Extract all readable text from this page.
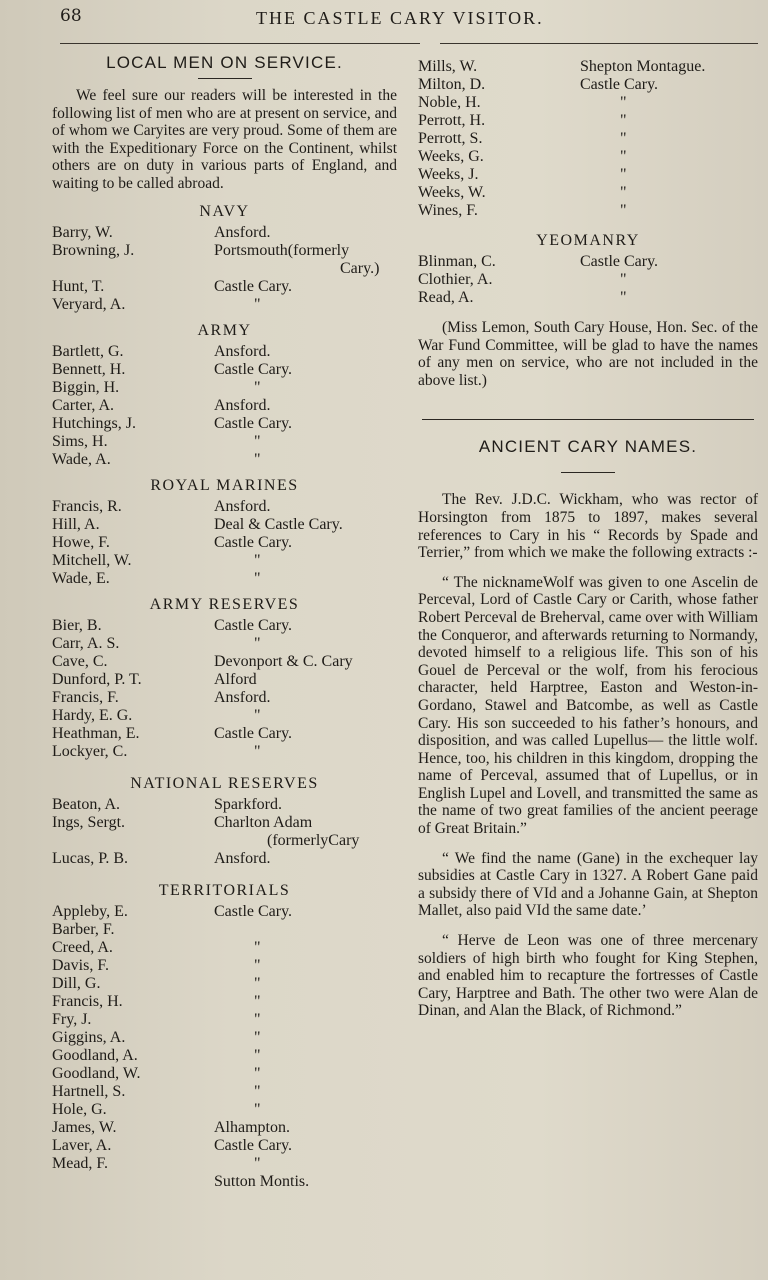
68	THE CASTLE CARY VISITOR.
LOCAL MEN ON SERVICE.

We feel sure our readers will be interested in the following list of men who are at present on service, and of whom we Caryites are very proud. Some of them are with the Expeditionary Force on the Continent, whilst others are on duty in various parts of England, and waiting to be called abroad.

NAVY
Barry, W.	Ansford.
Browning, J.	Portsmouth(formerly
Cary.)
Hunt, T.	Castle Cary.
Veryard, A.	"
ARMY
Bartlett, G.	Ansford.
Bennett, H.	Castle Cary.
Biggin, H.	"
Carter, A.	Ansford.
Hutchings, J.	Castle Cary.
Sims, H.	"
Wade, A.	"
ROYAL MARINES
Francis, R.	Ansford.
Hill, A.	Deal & Castle Cary.
Howe, F.	Castle Cary.
Mitchell, W.	"
Wade, E.	"
ARMY RESERVES
Bier, B.	Castle Cary.
Carr, A. S.	"
Cave, C.	Devonport & C. Cary
Dunford, P. T.	Alford
Francis, F.	Ansford.
Hardy, E. G.	"
Heathman, E.	Castle Cary.
Lockyer, C.	"
NATIONAL RESERVES
Beaton, A.	Sparkford.
Ings, Sergt.	Charlton Adam
(formerlyCary
Lucas, P. B.	Ansford.
TERRITORIALS
Appleby, E.	Castle Cary.
Barber, F.
Creed, A.	"
Davis, F.	"
Dill, G.	"
Francis, H.	"
Fry, J.	"
Giggins, A.	"
Goodland, A.	"
Goodland, W.	"
Hartnell, S.	"
Hole, G.	"
James, W.	Alhampton.
Laver, A.	Castle Cary.
Mead, F.	"
Sutton Montis.
Mills, W.	Shepton Montague.
Milton, D.	Castle Cary.
Noble, H.	"
Perrott, H.	"
Perrott, S.	"
Weeks, G.	"
Weeks, J.	"
Weeks, W.	"
Wines, F.	"
YEOMANRY
Blinman, C.	Castle Cary.
Clothier, A.	"
Read, A.	"

(Miss Lemon, South Cary House, Hon. Sec. of the War Fund Committee, will be glad to have the names of any men on service, who are not included in the above list.)

ANCIENT CARY NAMES.

The Rev. J.D.C. Wickham, who was rector of Horsington from 1875 to 1897, makes several references to Cary in his “ Records by Spade and Terrier,” from which we make the following extracts :-

“ The nicknameWolf was given to one Ascelin de Perceval, Lord of Castle Cary or Carith, whose father Robert Perceval de Breherval, came over with William the Conqueror, and afterwards returning to Normandy, devoted himself to a religious life. This son of his Gouel de Perceval or the wolf, from his ferocious character, held Harptree, Easton and Weston-in-Gordano, Stawel and Batcombe, as well as Castle Cary. His son succeeded to his father’s honours, and disposition, and was called Lupellus— the little wolf. Hence, too, his children in this kingdom, dropping the name of Perceval, assumed that of Lupellus, or in English Lupel and Lovell, and transmitted the same as the name of two great families of the ancient peerage of Great Britain.”

“ We find the name (Gane) in the exchequer lay subsidies at Castle Cary in 1327. A Robert Gane paid a subsidy there of VId and a Johanne Gain, at Shepton Mallet, also paid VId the same date.’

“ Herve de Leon was one of three mercenary soldiers of high birth who fought for King Stephen, and enabled him to recapture the fortresses of Castle Cary, Harptree and Bath. The other two were Alan de Dinan, and Alan the Black, of Richmond.”
